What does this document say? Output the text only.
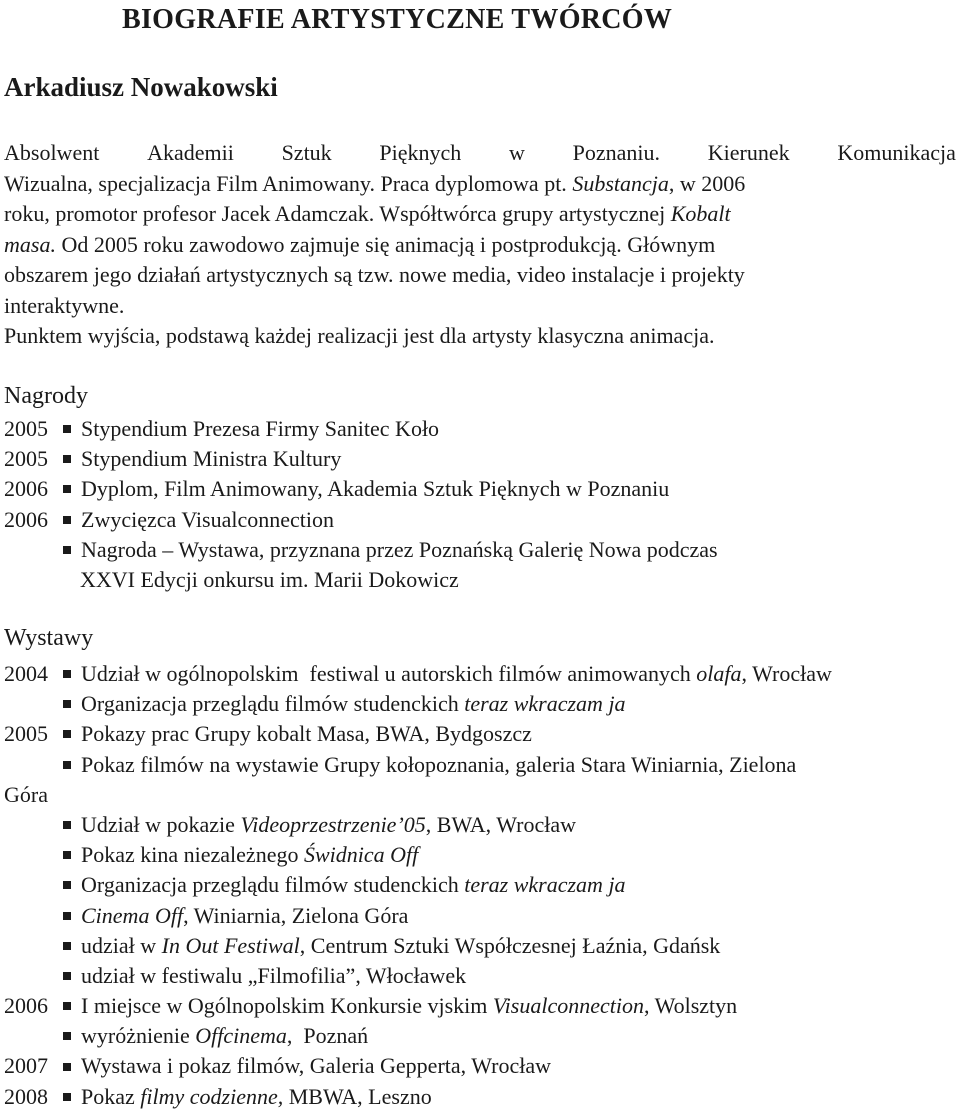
BIOGRAFIE ARTYSTYCZNE TWÓRCÓW
Arkadiusz Nowakowski
Absolwent Akademii Sztuk Pięknych w Poznaniu. Kierunek Komunikacja
Wizualna, specjalizacja Film Animowany. Praca dyplomowa pt. Substancja, w 2006
roku, promotor profesor Jacek Adamczak. Współtwórca grupy artystycznej Kobalt
masa. Od 2005 roku zawodowo zajmuje się animacją i postprodukcją. Głównym
obszarem jego działań artystycznych są tzw. nowe media, video instalacje i projekty
interaktywne.
Punktem wyjścia, podstawą każdej realizacji jest dla artysty klasyczna animacja.
Nagrody
2005	Stypendium Prezesa Firmy Sanitec Koło
2005	Stypendium Ministra Kultury
2006	Dyplom, Film Animowany, Akademia Sztuk Pięknych w Poznaniu
2006	Zwycięzca Visualconnection
Nagroda – Wystawa, przyznana przez Poznańską Galerię Nowa podczas
XXVI Edycji onkursu im. Marii Dokowicz
Wystawy
2004	Udział w ogólnopolskim  festiwal u autorskich filmów animowanych olafa , Wrocław
Organizacja przeglądu filmów studenckich teraz wkraczam ja
2005	Pokazy prac Grupy kobalt Masa, BWA, Bydgoszcz
Pokaz filmów na wystawie Grupy kołopoznania, galeria Stara Winiarnia, Zielona
Góra
Udział w pokazie Videoprzestrzenie’05 , BWA, Wrocław
Pokaz kina niezależnego Świdnica Off
Organizacja przeglądu filmów studenckich teraz wkraczam ja
Cinema Off , Winiarnia, Zielona Góra
udział w In Out Festiwal , Centrum Sztuki Współczesnej Łaźnia, Gdańsk
udział w festiwalu „Filmofilia”, Włocławek
2006	I miejsce w Ogólnopolskim Konkursie vjskim Visualconnection , Wolsztyn
wyróżnienie Offcinema ,  Poznań
2007	Wystawa i pokaz filmów, Galeria Gepperta, Wrocław
2008	Pokaz filmy codzienne, MBWA, Leszno
